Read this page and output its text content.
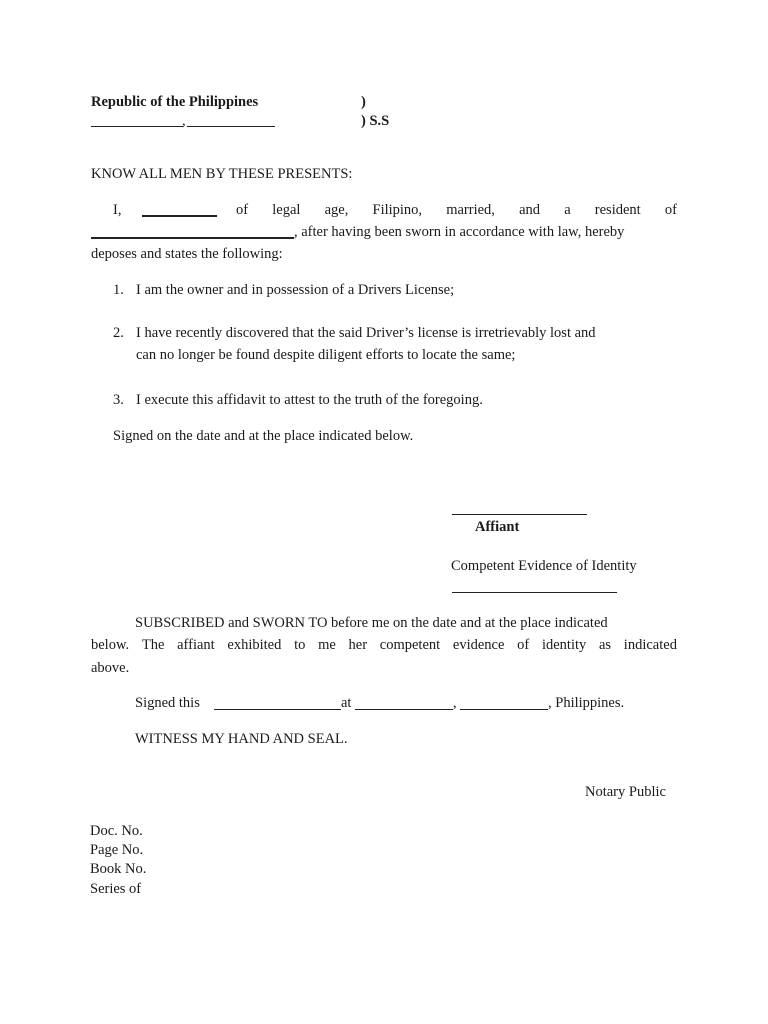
Republic of the Philippines	)
,	) S.S
KNOW ALL MEN BY THESE PRESENTS:
I,	of legal age, Filipino, married, and a resident of
, after having been sworn in accordance with law, hereby
deposes and states the following:
1. I am the owner and in possession of a Drivers License;
2. I have recently discovered that the said Driver’s license is irretrievably lost and
can no longer be found despite diligent efforts to locate the same;
3. I execute this affidavit to attest to the truth of the foregoing.
Signed on the date and at the place indicated below.
Affiant
Competent Evidence of Identity
SUBSCRIBED and SWORN TO before me on the date and at the place indicated
below. The affiant exhibited to me her competent evidence of identity as indicated
above.
Signed this	at	,	, Philippines.
WITNESS MY HAND AND SEAL.
Notary Public
Doc. No.
Page No.
Book No.
Series of
